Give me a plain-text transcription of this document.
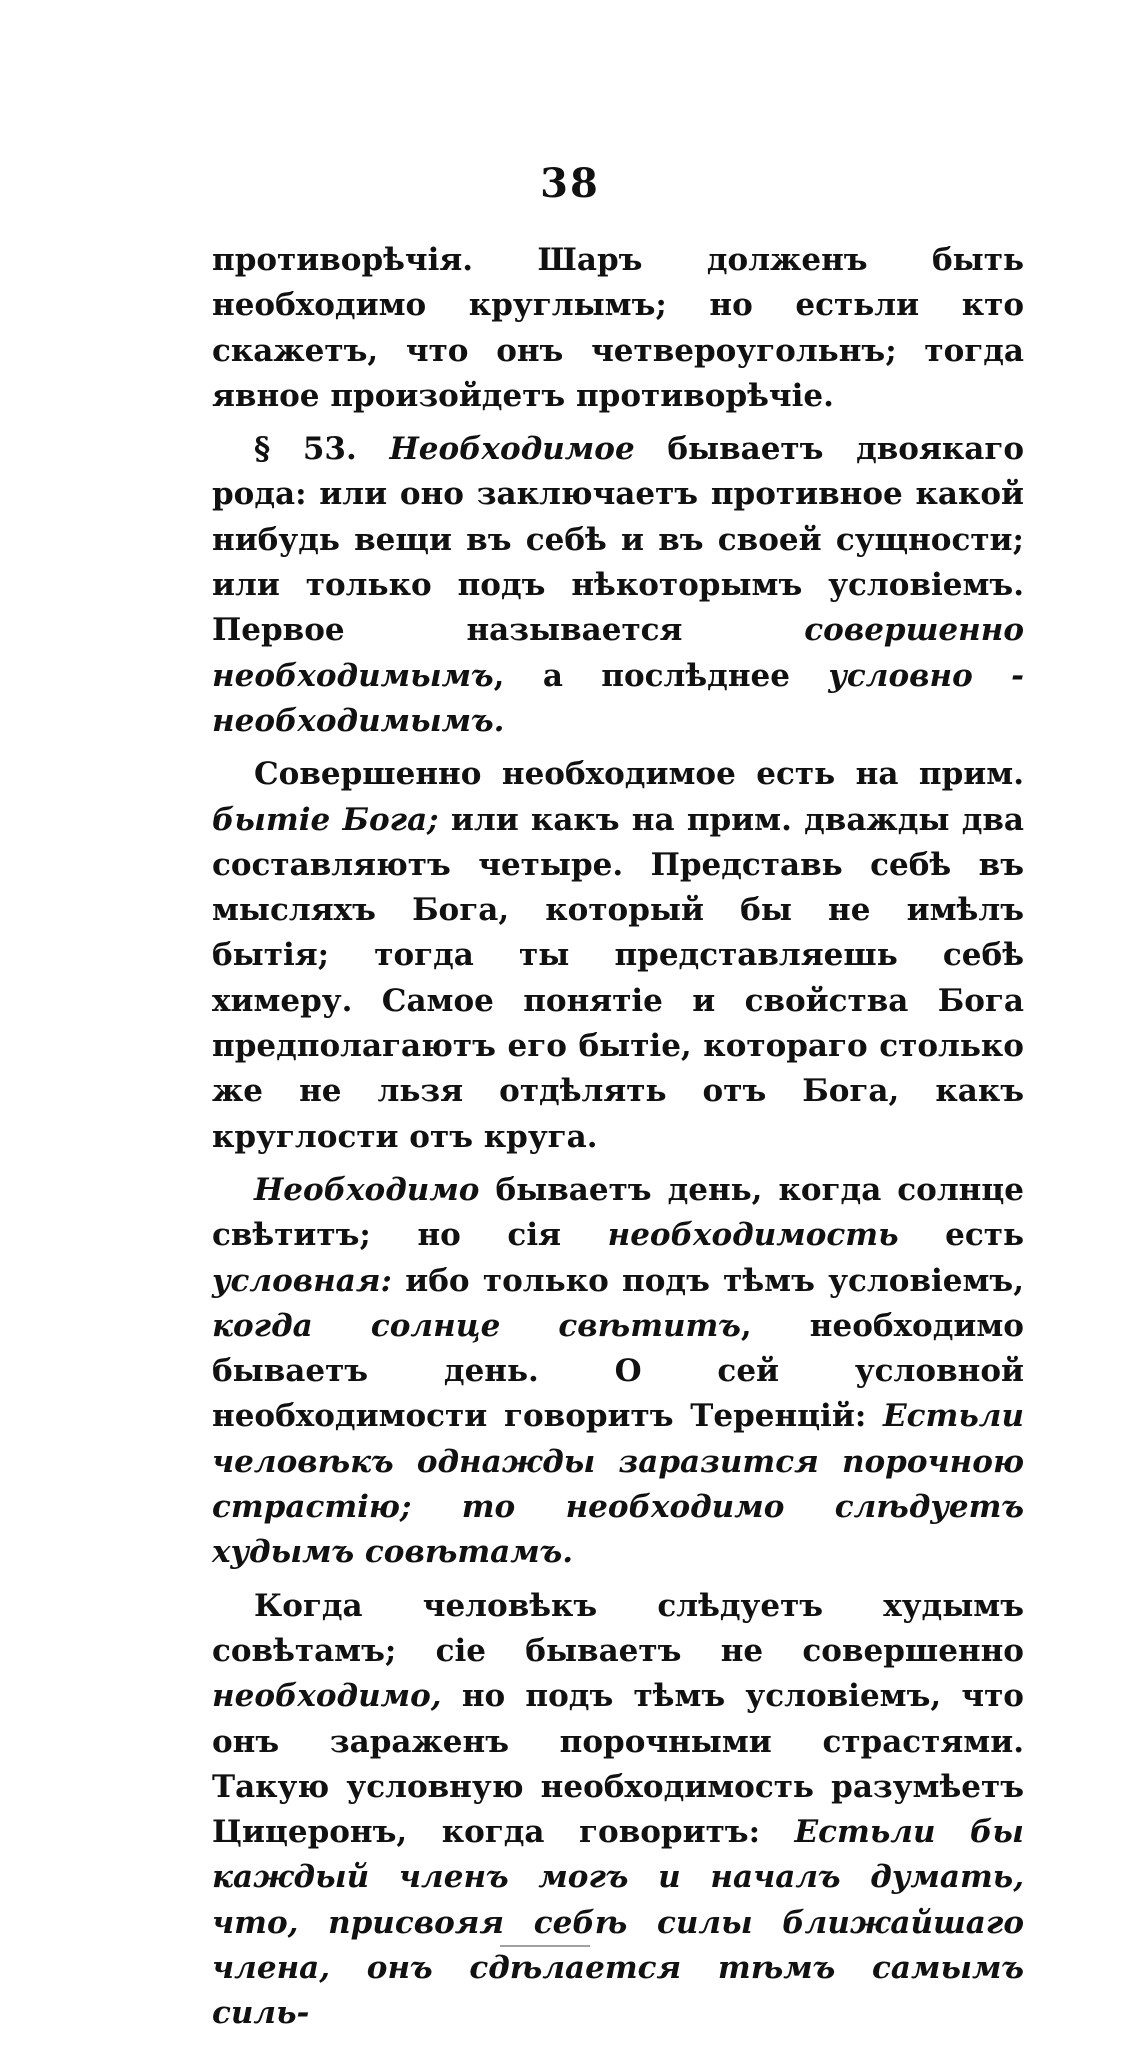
38

противорѣчія. Шаръ долженъ быть необходимо круглымъ; но естьли кто скажетъ, что онъ четвероугольнъ; тогда явное произойдетъ противорѣчіе.

§ 53. Необходимое бываетъ двоякаго рода: или оно заключаетъ противное какой нибудь вещи въ себѣ и въ своей сущности; или только подъ нѣкоторымъ условіемъ. Первое называется совершенно необходимымъ, а послѣднее условно - необходимымъ.

Совершенно необходимое есть на прим. бытіе Бога; или какъ на прим. дважды два составляютъ четыре. Представь себѣ въ мысляхъ Бога, который бы не имѣлъ бытія; тогда ты представляешь себѣ химеру. Самое понятіе и свойства Бога предполагаютъ его бытіе, котораго столько же не льзя отдѣлять отъ Бога, какъ круглости отъ круга.

Необходимо бываетъ день, когда солнце свѣтитъ; но сія необходимость есть условная: ибо только подъ тѣмъ условіемъ, когда солнце свѣтитъ, необходимо бываетъ день. О сей условной необходимости говоритъ Теренцій: Естьли человѣкъ однажды заразится порочною страстію; то необходимо слѣдуетъ худымъ совѣтамъ.

Когда человѣкъ слѣдуетъ худымъ совѣтамъ; сіе бываетъ не совершенно необходимо, но подъ тѣмъ условіемъ, что онъ зараженъ порочными страстями. Такую условную необходимость разумѣетъ Цицеронъ, когда говоритъ: Естьли бы каждый членъ могъ и началъ думать, что, присвояя себѣ силы ближайшаго члена, онъ сдѣлается тѣмъ самымъ силь-
